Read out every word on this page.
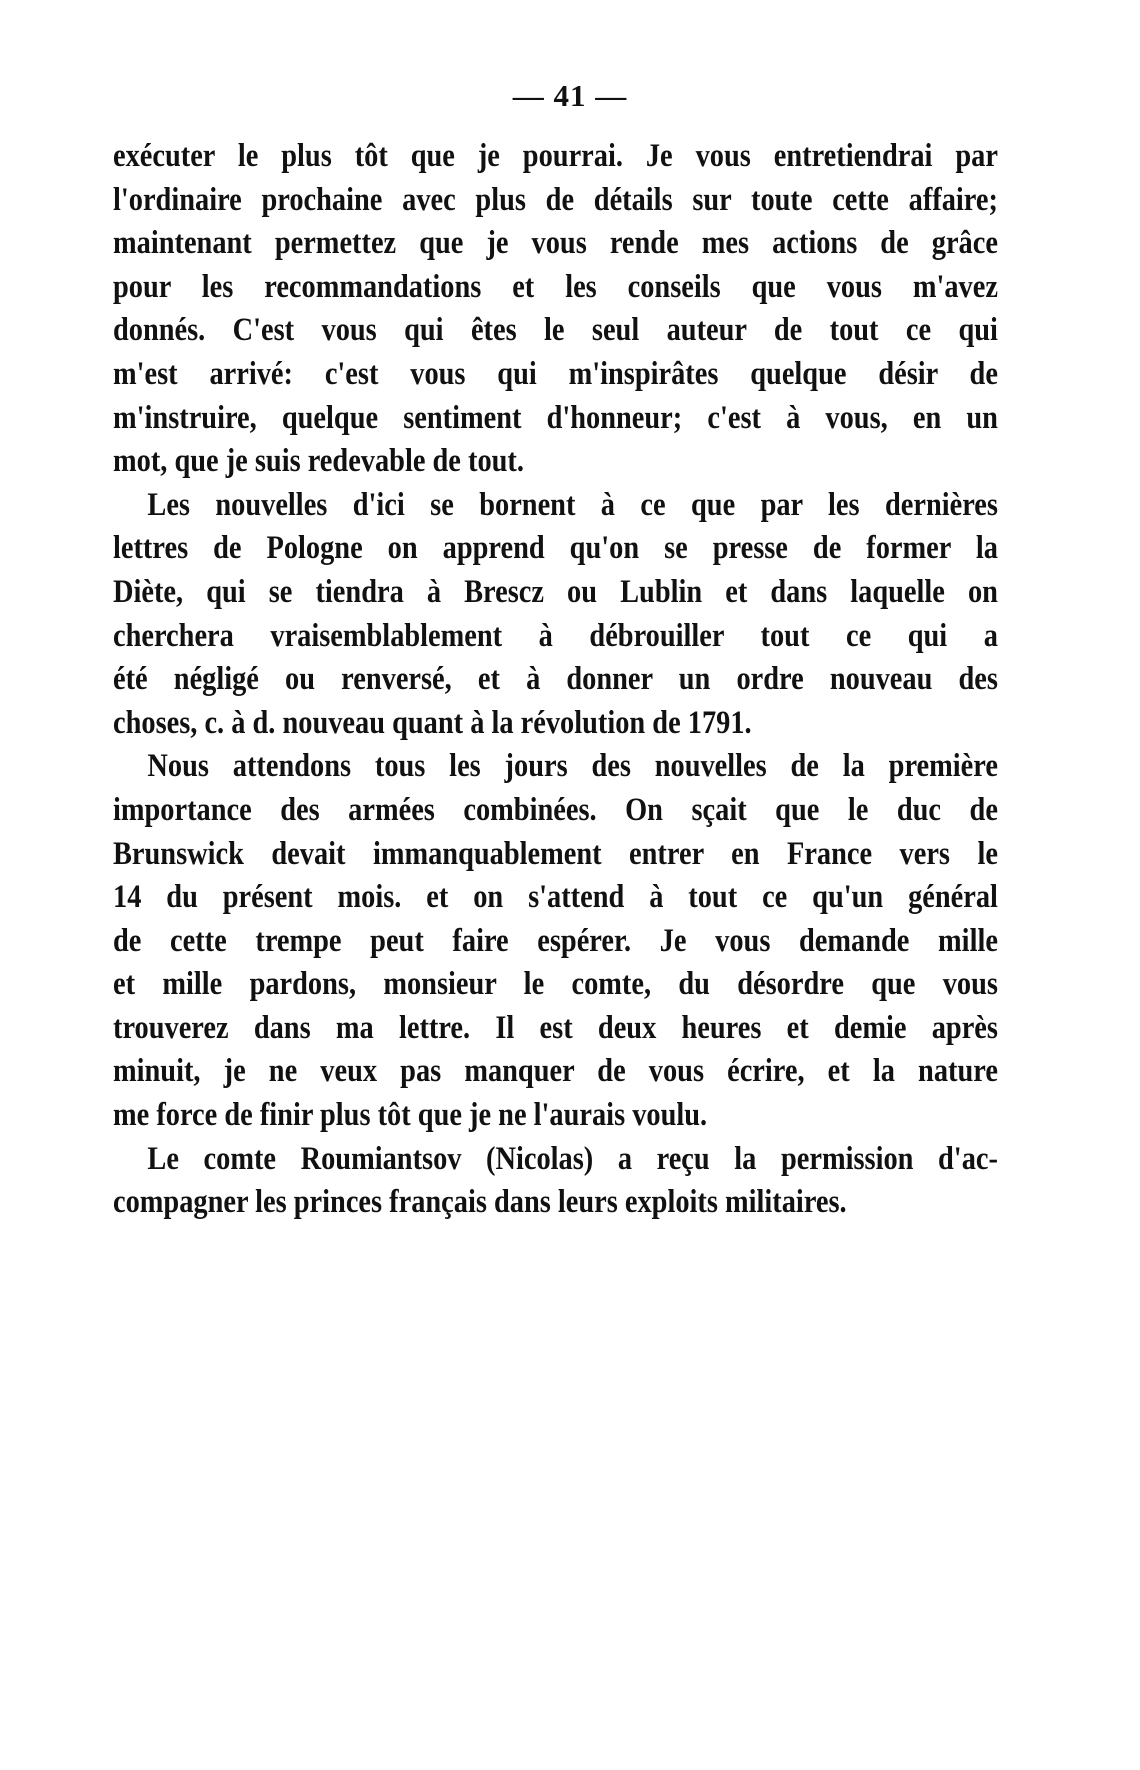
— 41 —
exécuter le plus tôt que je pourrai. Je vous entretiendrai par
l'ordinaire prochaine avec plus de détails sur toute cette affaire;
maintenant permettez que je vous rende mes actions de grâce
pour les recommandations et les conseils que vous m'avez
donnés. C'est vous qui êtes le seul auteur de tout ce qui
m'est arrivé: c'est vous qui m'inspirâtes quelque désir de
m'instruire, quelque sentiment d'honneur; c'est à vous, en un
mot, que je suis redevable de tout.
Les nouvelles d'ici se bornent à ce que par les dernières
lettres de Pologne on apprend qu'on se presse de former la
Diète, qui se tiendra à Bresсz ou Lublin et dans laquelle on
cherchera vraisemblablement à débrouiller tout ce qui a
été négligé ou renversé, et à donner un ordre nouveau des
choses, c. à d. nouveau quant à la révolution de 1791.
Nous attendons tous les jours des nouvelles de la première
importance des armées combinées. On sçait que le duc de
Brunswick devait immanquablement entrer en France vers le
14 du présent mois. et on s'attend à tout ce qu'un général
de cette trempe peut faire espérer. Je vous demande mille
et mille pardons, monsieur le comte, du désordre que vous
trouverez dans ma lettre. Il est deux heures et demie après
minuit, je ne veux pas manquer de vous écrire, et la nature
me force de finir plus tôt que je ne l'aurais voulu.
Le comte Roumiantsov (Nicolas) a reçu la permission d'ac-
compagner les princes français dans leurs exploits militaires.
